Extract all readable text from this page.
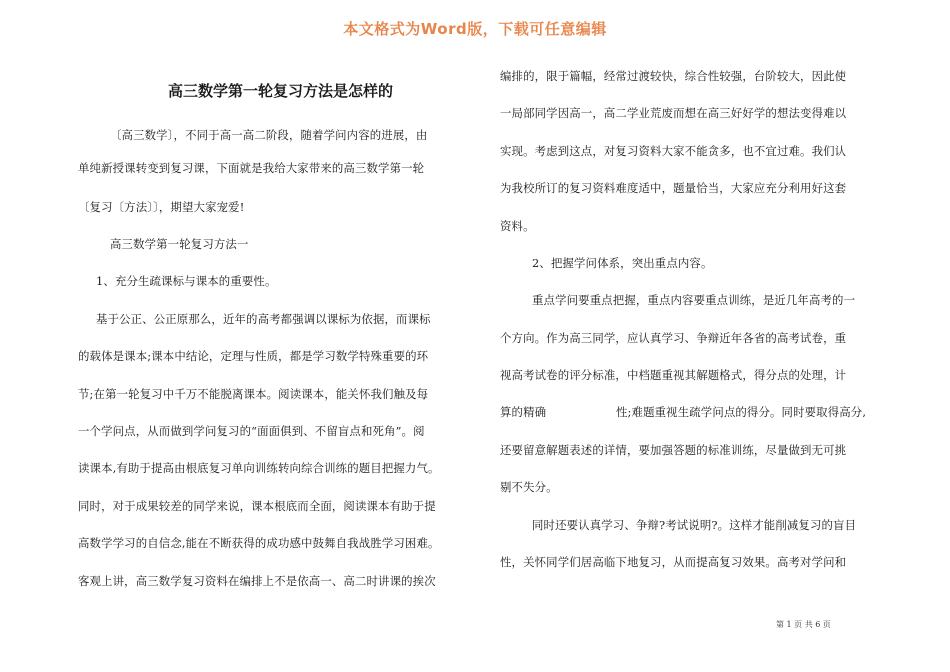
本文格式为Word版，下载可任意编辑
高三数学第一轮复习方法是怎样的
〔高三数学〕，不同于高一高二阶段，随着学问内容的进展，由
单纯新授课转变到复习课，下面就是我给大家带来的高三数学第一轮
〔复习〔方法〕〕，期望大家宠爱!
高三数学第一轮复习方法一
1、充分生疏课标与课本的重要性。
基于公正、公正原那么，近年的高考都强调以课标为依据，而课标
的载体是课本;课本中结论，定理与性质，都是学习数学特殊重要的环
节;在第一轮复习中千万不能脱离课本。阅读课本，能关怀我们触及每
一个学问点，从而做到学问复习的“面面俱到、不留盲点和死角”。阅
读课本,有助于提高由根底复习单向训练转向综合训练的题目把握力气。
同时，对于成果较差的同学来说，课本根底而全面，阅读课本有助于提
高数学学习的自信念,能在不断获得的成功感中鼓舞自我战胜学习困难。
客观上讲，高三数学复习资料在编排上不是依高一、高二时讲课的挨次
编排的，限于篇幅，经常过渡较快，综合性较强，台阶较大，因此使
一局部同学因高一，高二学业荒废而想在高三好好学的想法变得难以
实现。考虑到这点，对复习资料大家不能贪多，也不宜过难。我们认
为我校所订的复习资料难度适中，题量恰当，大家应充分利用好这套
资料。
2、把握学问体系，突出重点内容。
重点学问要重点把握，重点内容要重点训练，是近几年高考的一
个方向。作为高三同学，应认真学习、争辩近年各省的高考试卷，重
视高考试卷的评分标准，中档题重视其解题格式，得分点的处理，计
算的精确	性;难题重视生疏学问点的得分。同时要取得高分,
还要留意解题表述的详情，要加强答题的标准训练，尽量做到无可挑
剔不失分。
同时还要认真学习、争辩?考试说明?。这样才能削减复习的盲目
性，关怀同学们居高临下地复习，从而提高复习效果。高考对学问和
第 1 页 共 6 页
